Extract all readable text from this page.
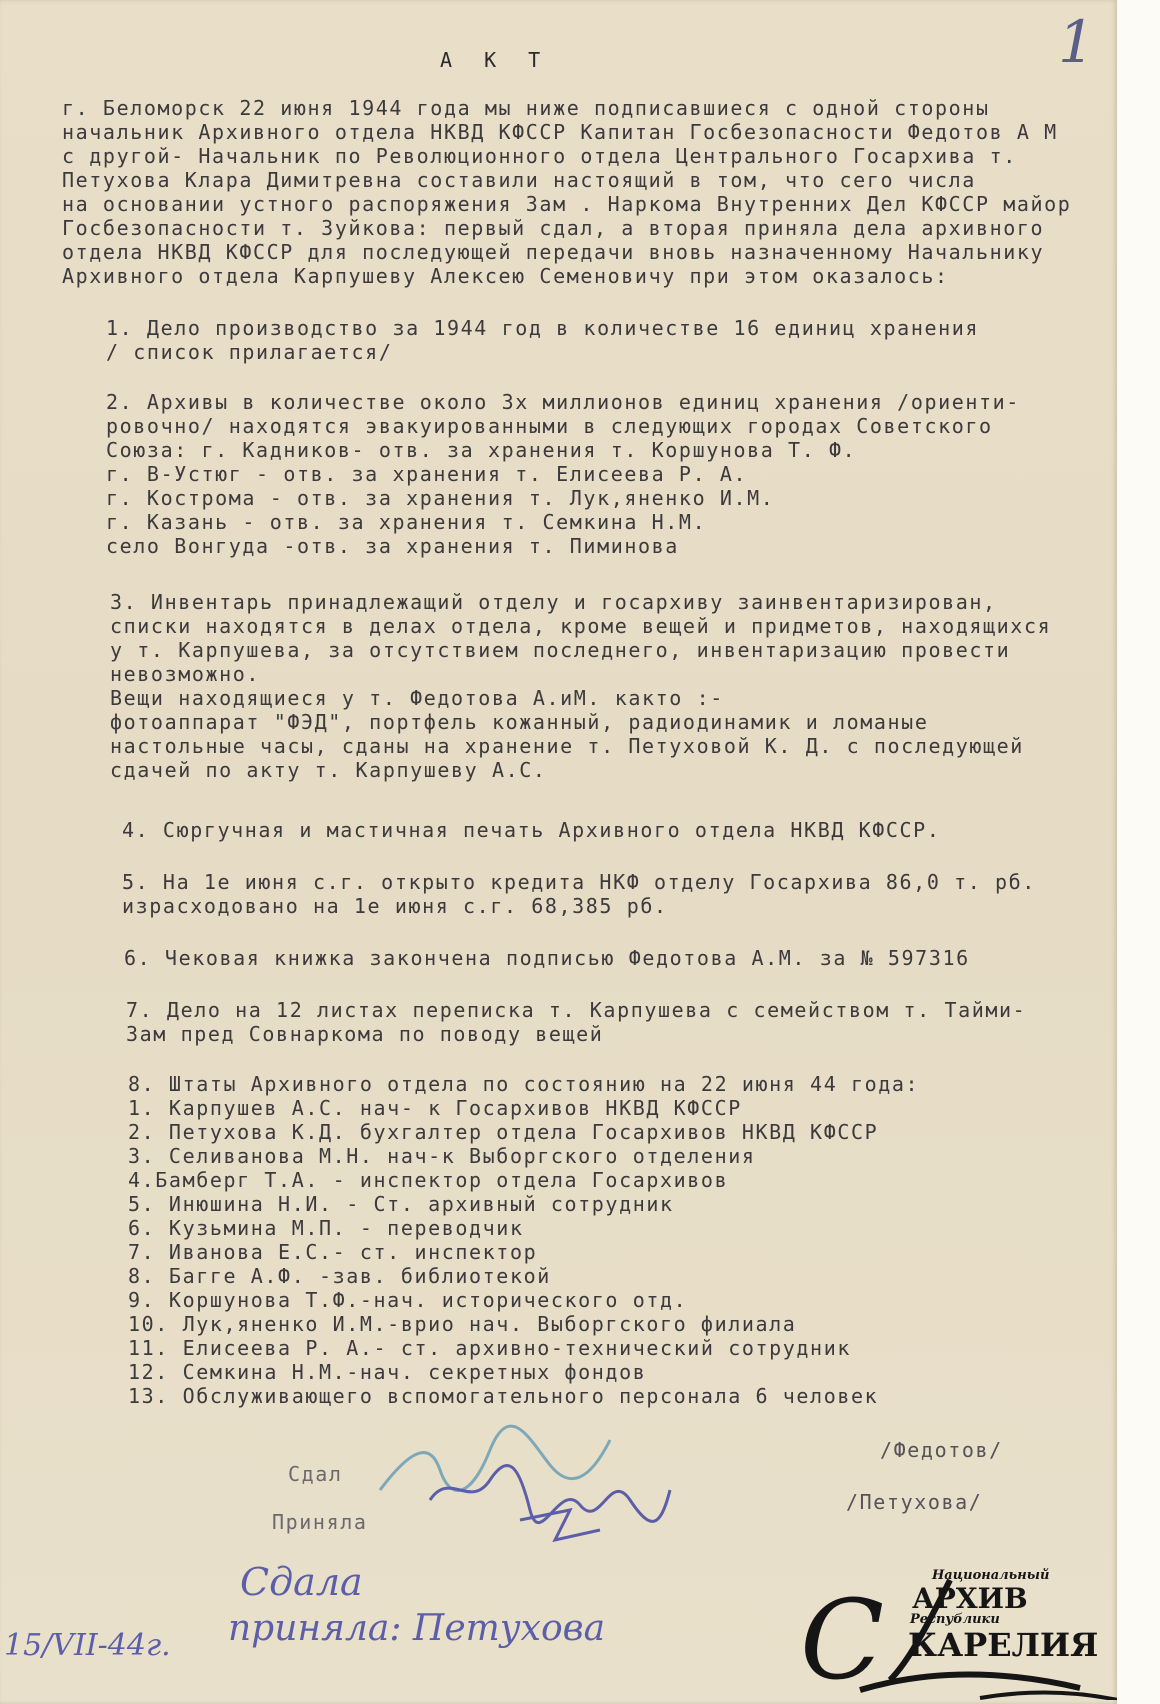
1
А К Т
г. Беломорск 22 июня 1944 года мы ниже подписавшиеся с одной стороны
начальник Архивного отдела НКВД КФССР Капитан Госбезопасности Федотов А М
с другой- Начальник по Революционного отдела Центрального Госархива т.
Петухова Клара Димитревна составили настоящий в том, что сего числа
на основании устного распоряжения Зам . Наркома Внутренних Дел КФССР майор
Госбезопасности т. Зуйкова: первый сдал, а вторая приняла дела архивного
отдела НКВД КФССР для последующей передачи вновь назначенному Начальнику
Архивного отдела Карпушеву Алексею Семеновичу при этом оказалось:
1. Дело производство за 1944 год в количестве 16 единиц хранения
/ список прилагается/
2. Архивы в количестве около 3х миллионов единиц хранения /ориенти-
ровочно/ находятся эвакуированными в следующих городах Советского
Союза: г. Кадников- отв. за хранения т. Коршунова Т. Ф.
г. В-Устюг - отв. за хранения т. Елисеева Р. А.
г. Кострома - отв. за хранения т. Лук,яненко И.М.
г. Казань - отв. за хранения т. Семкина Н.М.
село Вонгуда -отв. за хранения т. Пиминова
3. Инвентарь принадлежащий отделу и госархиву заинвентаризирован,
списки находятся в делах отдела, кроме вещей и придметов, находящихся
у т. Карпушева, за отсутствием последнего, инвентаризацию провести
невозможно.
Вещи находящиеся у т. Федотова А.иМ. както :-
фотоаппарат "ФЭД", портфель кожанный, радиодинамик и ломаные
настольные часы, сданы на хранение т. Петуховой К. Д. с последующей
сдачей по акту т. Карпушеву А.С.
4. Сюргучная и мастичная печать Архивного отдела НКВД КФССР.
5. На 1е июня с.г. открыто кредита НКФ отделу Госархива 86,0 т. рб.
израсходовано на 1е июня с.г. 68,385 рб.
6. Чековая книжка закончена подписью Федотова А.М. за № 597316
7. Дело на 12 листах переписка т. Карпушева с семейством т. Тайми-
Зам пред Совнаркома по поводу вещей
8. Штаты Архивного отдела по состоянию на 22 июня 44 года:
1. Карпушев А.С. нач- к Госархивов НКВД КФССР
2. Петухова К.Д. бухгалтер отдела Госархивов НКВД КФССР
3. Селиванова М.Н. нач-к Выборгского отделения
4.Бамберг Т.А. - инспектор отдела Госархивов
5. Инюшина Н.И. - Ст. архивный сотрудник
6. Кузьмина М.П. - переводчик
7. Иванова Е.С.- ст. инспектор
8. Багге А.Ф. -зав. библиотекой
9. Коршунова Т.Ф.-нач. исторического отд.
10. Лук,яненко И.М.-врио нач. Выборгского филиала
11. Елисеева Р. А.- ст. архивно-технический сотрудник
12. Семкина Н.М.-нач. секретных фондов
13. Обслуживающего вспомогательного персонала 6 человек
Сдал
/Федотов/
Приняла
/Петухова/
Сдала
приняла: Петухова
15/VII-44г.	С
Национальный
АРХИВ
Республики
КАРЕЛИЯ
